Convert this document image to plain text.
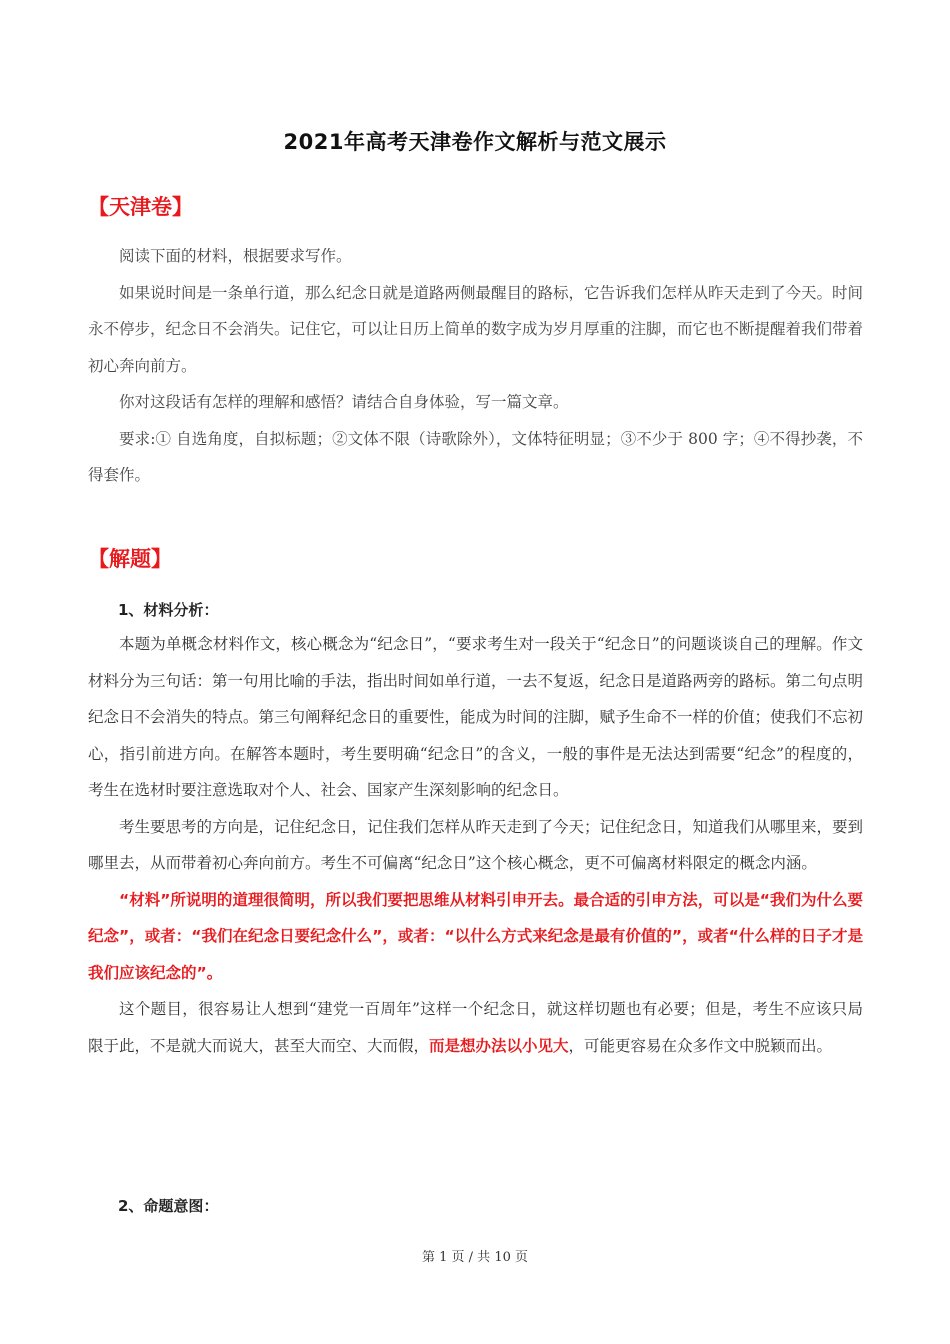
2021年高考天津卷作文解析与范文展示
【天津卷】

阅读下面的材料，根据要求写作。

如果说时间是一条单行道，那么纪念日就是道路两侧最醒目的路标，它告诉我们怎样从昨天走到了今天。时间永不停步，纪念日不会消失。记住它，可以让日历上简单的数字成为岁月厚重的注脚，而它也不断提醒着我们带着初心奔向前方。

你对这段话有怎样的理解和感悟？请结合自身体验，写一篇文章。

要求:① 自选角度，自拟标题；②文体不限（诗歌除外），文体特征明显；③不少于 800 字；④不得抄袭，不得套作。

【解题】
1、材料分析：

本题为单概念材料作文，核心概念为“纪念日”，“要求考生对一段关于“纪念日”的问题谈谈自己的理解。作文材料分为三句话：第一句用比喻的手法，指出时间如单行道，一去不复返，纪念日是道路两旁的路标。第二句点明纪念日不会消失的特点。第三句阐释纪念日的重要性，能成为时间的注脚，赋予生命不一样的价值；使我们不忘初心，指引前进方向。在解答本题时，考生要明确“纪念日”的含义，一般的事件是无法达到需要“纪念”的程度的，考生在选材时要注意选取对个人、社会、国家产生深刻影响的纪念日。

考生要思考的方向是，记住纪念日，记住我们怎样从昨天走到了今天；记住纪念日，知道我们从哪里来，要到哪里去，从而带着初心奔向前方。考生不可偏离“纪念日”这个核心概念，更不可偏离材料限定的概念内涵。

“材料”所说明的道理很简明，所以我们要把思维从材料引申开去。最合适的引申方法，可以是“我们为什么要纪念”，或者：“我们在纪念日要纪念什么”，或者：“以什么方式来纪念是最有价值的”，或者“什么样的日子才是我们应该纪念的”。

这个题目，很容易让人想到“建党一百周年”这样一个纪念日，就这样切题也有必要；但是，考生不应该只局限于此，不是就大而说大，甚至大而空、大而假，而是想办法以小见大，可能更容易在众多作文中脱颖而出。

2、命题意图：
第 1 页 / 共 10 页
